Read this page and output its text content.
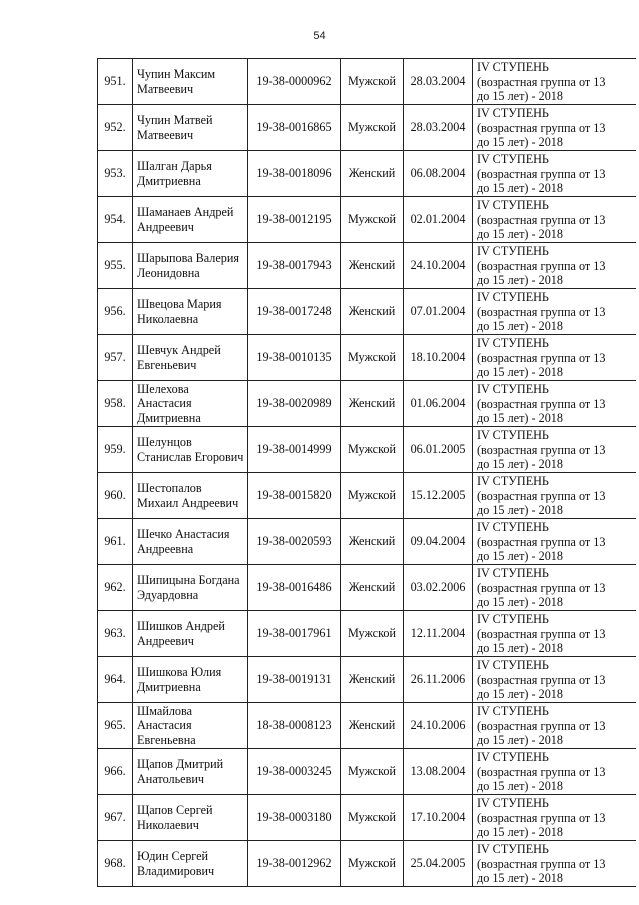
54
951.	Чупин Максим Матвеевич	19-38-0000962	Мужской	28.03.2004	IV СТУПЕНЬ
(возрастная группа от 13
до 15 лет) - 2018

952.	Чупин Матвей Матвеевич	19-38-0016865	Мужской	28.03.2004	IV СТУПЕНЬ
(возрастная группа от 13
до 15 лет) - 2018

953.	Шалган Дарья Дмитриевна	19-38-0018096	Женский	06.08.2004	IV СТУПЕНЬ
(возрастная группа от 13
до 15 лет) - 2018

954.	Шаманаев Андрей Андреевич	19-38-0012195	Мужской	02.01.2004	IV СТУПЕНЬ
(возрастная группа от 13
до 15 лет) - 2018

955.	Шарыпова Валерия Леонидовна	19-38-0017943	Женский	24.10.2004	IV СТУПЕНЬ
(возрастная группа от 13
до 15 лет) - 2018

956.	Швецова Мария Николаевна	19-38-0017248	Женский	07.01.2004	IV СТУПЕНЬ
(возрастная группа от 13
до 15 лет) - 2018

957.	Шевчук Андрей Евгеньевич	19-38-0010135	Мужской	18.10.2004	IV СТУПЕНЬ
(возрастная группа от 13
до 15 лет) - 2018

958.	Шелехова Анастасия Дмитриевна	19-38-0020989	Женский	01.06.2004	IV СТУПЕНЬ
(возрастная группа от 13
до 15 лет) - 2018

959.	Шелунцов Станислав Егорович	19-38-0014999	Мужской	06.01.2005	IV СТУПЕНЬ
(возрастная группа от 13
до 15 лет) - 2018

960.	Шестопалов Михаил Андреевич	19-38-0015820	Мужской	15.12.2005	IV СТУПЕНЬ
(возрастная группа от 13
до 15 лет) - 2018

961.	Шечко Анастасия Андреевна	19-38-0020593	Женский	09.04.2004	IV СТУПЕНЬ
(возрастная группа от 13
до 15 лет) - 2018

962.	Шипицына Богдана Эдуардовна	19-38-0016486	Женский	03.02.2006	IV СТУПЕНЬ
(возрастная группа от 13
до 15 лет) - 2018

963.	Шишков Андрей Андреевич	19-38-0017961	Мужской	12.11.2004	IV СТУПЕНЬ
(возрастная группа от 13
до 15 лет) - 2018

964.	Шишкова Юлия Дмитриевна	19-38-0019131	Женский	26.11.2006	IV СТУПЕНЬ
(возрастная группа от 13
до 15 лет) - 2018

965.	Шмайлова Анастасия Евгеньевна	18-38-0008123	Женский	24.10.2006	IV СТУПЕНЬ
(возрастная группа от 13
до 15 лет) - 2018

966.	Щапов Дмитрий Анатольевич	19-38-0003245	Мужской	13.08.2004	IV СТУПЕНЬ
(возрастная группа от 13
до 15 лет) - 2018

967.	Щапов Сергей Николаевич	19-38-0003180	Мужской	17.10.2004	IV СТУПЕНЬ
(возрастная группа от 13
до 15 лет) - 2018

968.	Юдин Сергей Владимирович	19-38-0012962	Мужской	25.04.2005	IV СТУПЕНЬ
(возрастная группа от 13
до 15 лет) - 2018
